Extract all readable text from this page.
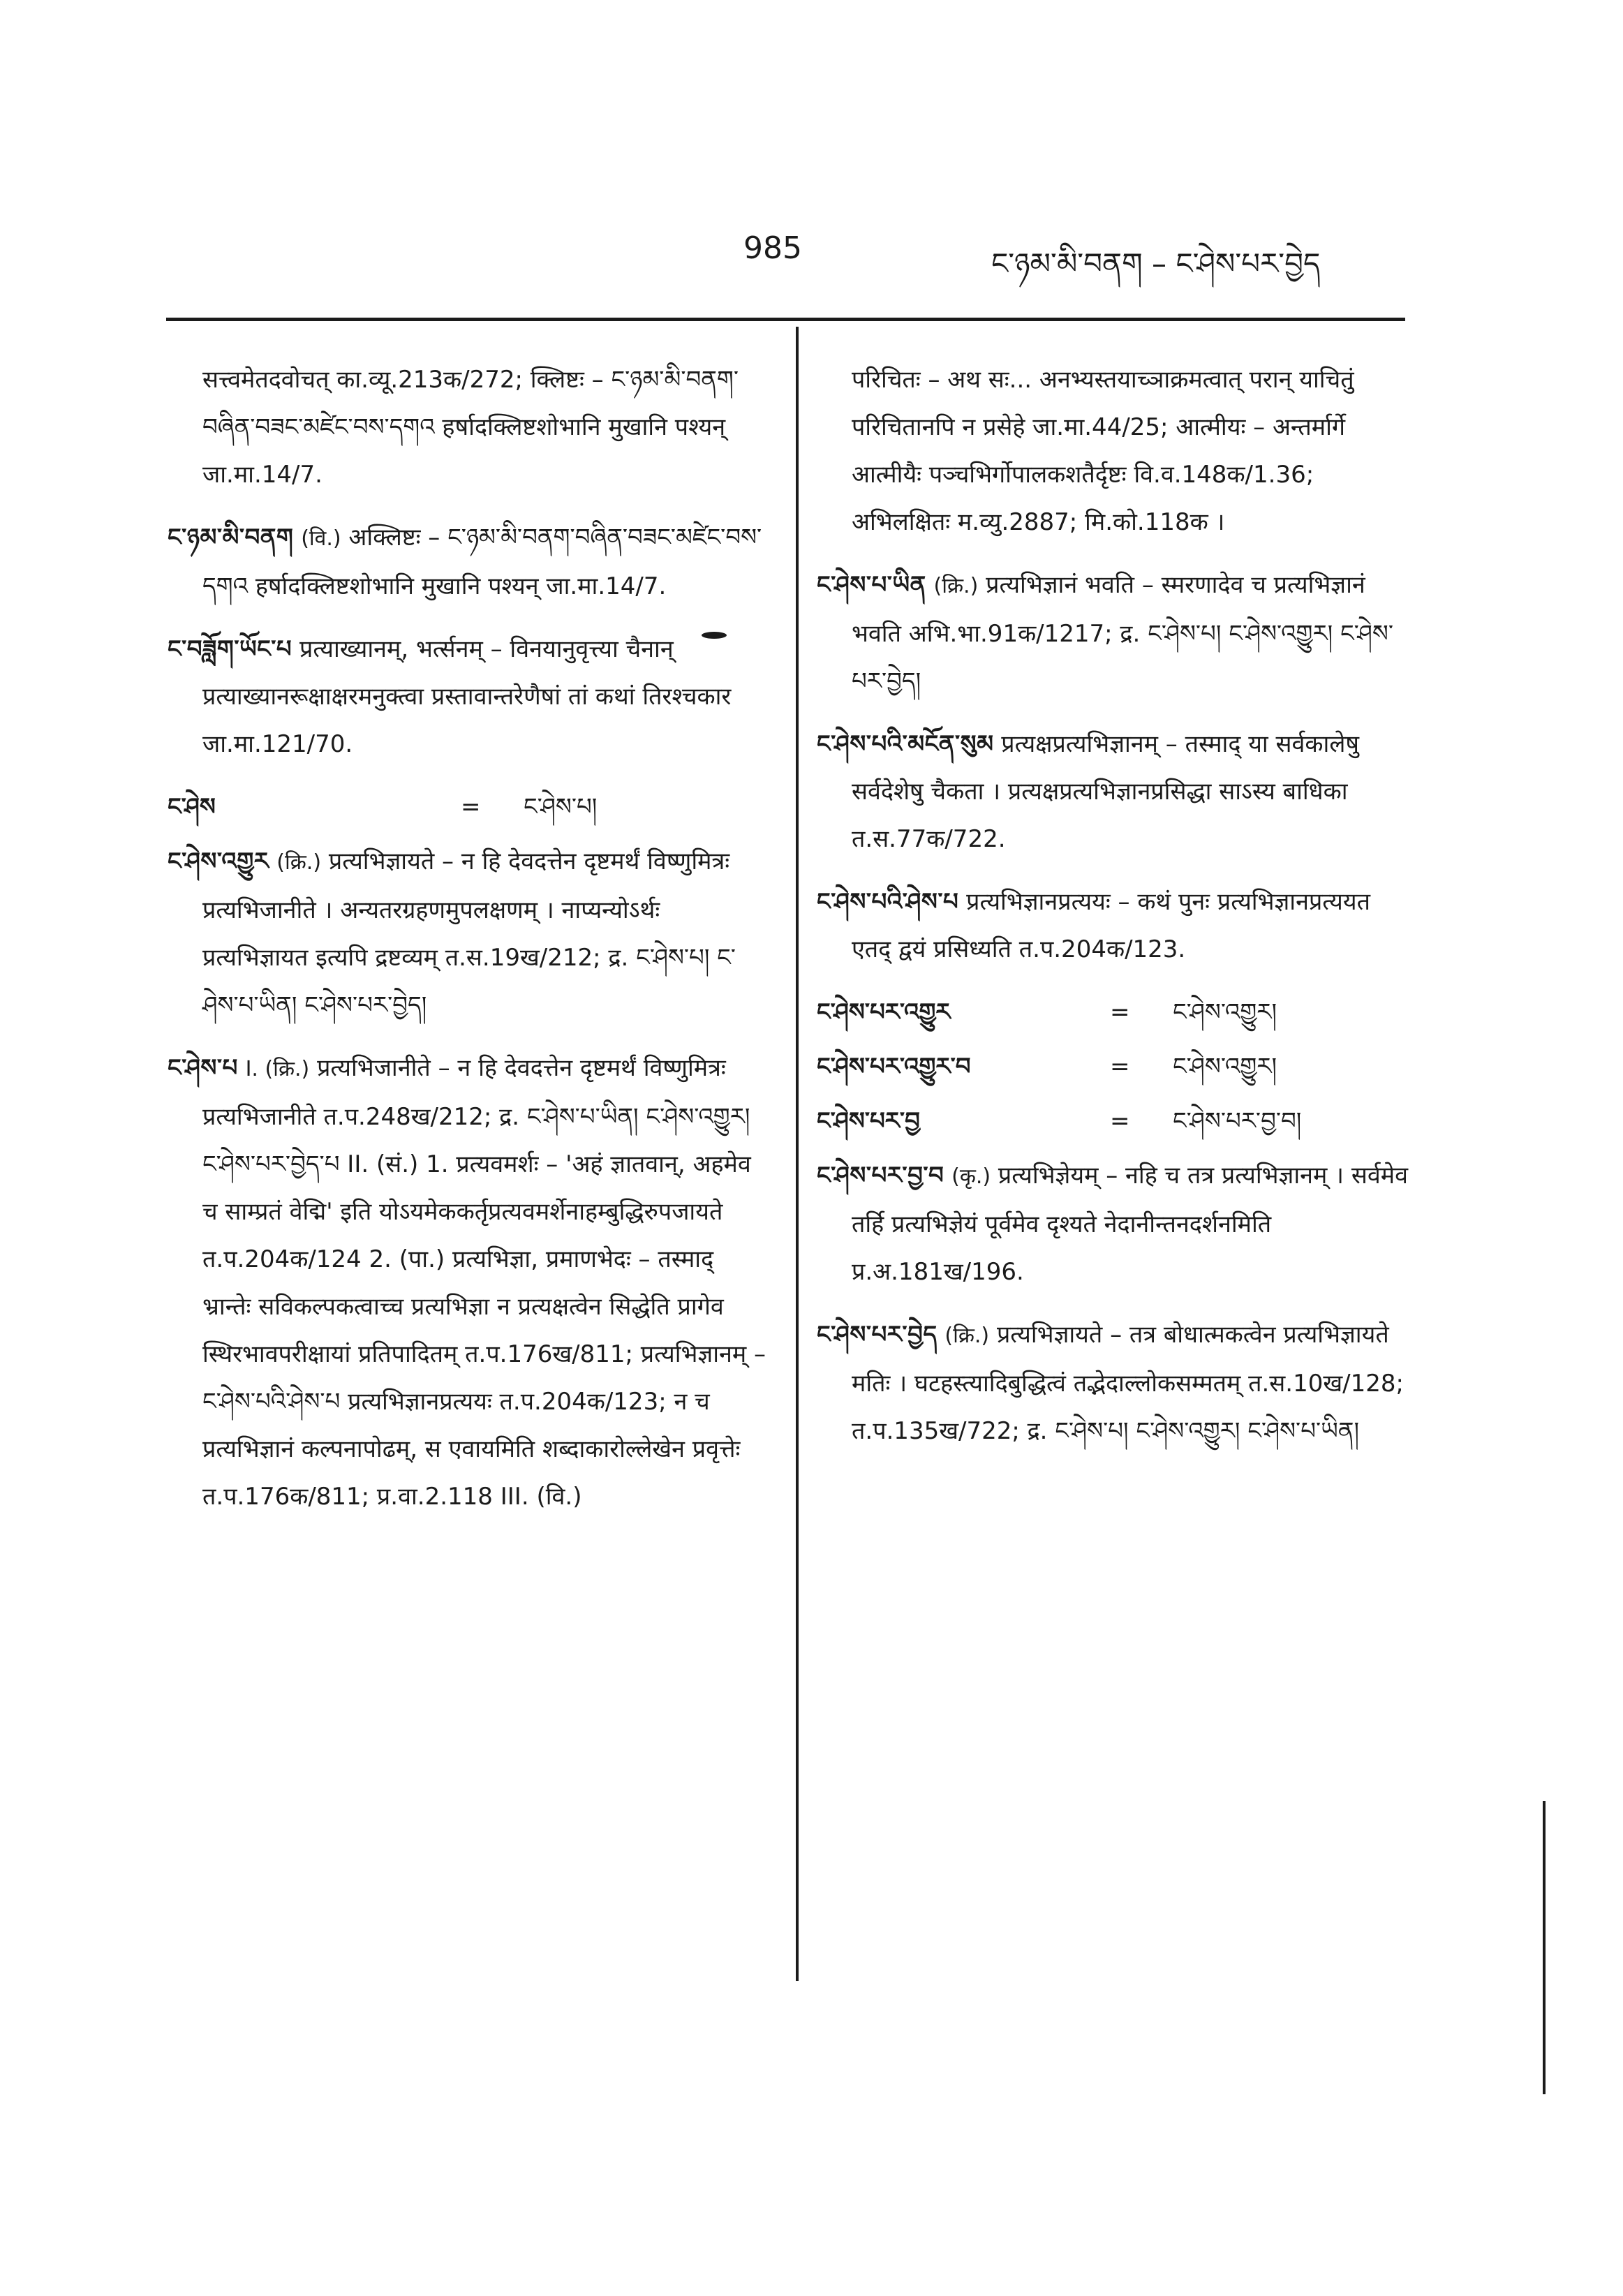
985	ང་ཉམ་མི་བནག – ང་ཤེས་པར་བྱེད
सत्त्वमेतदवोचत् का.व्यू.213क/272; क्लिष्टः – ང་ཉམ་མི་བནག་བཞིན་བཟང་མཛེང་བས་དགའ हर्षादक्लिष्टशोभानि मुखानि पश्यन् जा.मा.14/7.
ང་ཉམ་མི་བནག (वि.) अक्लिष्टः – ང་ཉམ་མི་བནག་བཞིན་བཟང་མཛེང་བས་དགའ हर्षादक्लिष्टशोभानि मुखानि पश्यन् जा.मा.14/7.
ང་བཟློག་ཡོང་པ प्रत्याख्यानम्, भर्त्सनम् – विनयानुवृत्त्या चैनान् प्रत्याख्यानरूक्षाक्षरमनुक्त्वा प्रस्तावान्तरेणैषां तां कथां तिरश्चकार जा.मा.121/70.
ང་ཤེས	=	ང་ཤེས་པ།
ང་ཤེས་འགྱུར (क्रि.) प्रत्यभिज्ञायते – न हि देवदत्तेन दृष्टमर्थं विष्णुमित्रः प्रत्यभिजानीते । अन्यतरग्रहणमुपलक्षणम् । नाप्यन्योऽर्थः प्रत्यभिज्ञायत इत्यपि द्रष्टव्यम् त.स.19ख/212; द्र. ང་ཤེས་པ། ང་ཤེས་པ་ཡིན། ང་ཤེས་པར་བྱེད།
ང་ཤེས་པ I. (क्रि.) प्रत्यभिजानीते – न हि देवदत्तेन दृष्टमर्थं विष्णुमित्रः प्रत्यभिजानीते त.प.248ख/212; द्र. ང་ཤེས་པ་ཡིན། ང་ཤེས་འགྱུར། ང་ཤེས་པར་བྱེད་པ II. (सं.) 1. प्रत्यवमर्शः – 'अहं ज्ञातवान्, अहमेव च साम्प्रतं वेद्मि' इति योऽयमेककर्तृप्रत्यवमर्शेनाहम्बुद्धिरुपजायते त.प.204क/124 2. (पा.) प्रत्यभिज्ञा, प्रमाणभेदः – तस्माद् भ्रान्तेः सविकल्पकत्वाच्च प्रत्यभिज्ञा न प्रत्यक्षत्वेन सिद्धेति प्रागेव स्थिरभावपरीक्षायां प्रतिपादितम् त.प.176ख/811; प्रत्यभिज्ञानम् – ང་ཤེས་པའི་ཤེས་པ प्रत्यभिज्ञानप्रत्ययः त.प.204क/123; न च प्रत्यभिज्ञानं कल्पनापोढम्, स एवायमिति शब्दाकारोल्लेखेन प्रवृत्तेः त.प.176क/811; प्र.वा.2.118 III. (वि.)
परिचितः – अथ सः... अनभ्यस्तयाच्ञाक्रमत्वात् परान् याचितुं परिचितानपि न प्रसेहे जा.मा.44/25; आत्मीयः – अन्तर्मार्गे आत्मीयैः पञ्चभिर्गोपालकशतैर्दृष्टः वि.व.148क/1.36; अभिलक्षितः म.व्यु.2887; मि.को.118क ।
ང་ཤེས་པ་ཡིན (क्रि.) प्रत्यभिज्ञानं भवति – स्मरणादेव च प्रत्यभिज्ञानं भवति अभि.भा.91क/1217; द्र. ང་ཤེས་པ། ང་ཤེས་འགྱུར། ང་ཤེས་པར་བྱེད།
ང་ཤེས་པའི་མངོན་སུམ प्रत्यक्षप्रत्यभिज्ञानम् – तस्माद् या सर्वकालेषु सर्वदेशेषु चैकता । प्रत्यक्षप्रत्यभिज्ञानप्रसिद्धा साऽस्य बाधिका त.स.77क/722.
ང་ཤེས་པའི་ཤེས་པ प्रत्यभिज्ञानप्रत्ययः – कथं पुनः प्रत्यभिज्ञानप्रत्ययत एतद् द्वयं प्रसिध्यति त.प.204क/123.
ང་ཤེས་པར་འགྱུར	=	ང་ཤེས་འགྱུར།
ང་ཤེས་པར་འགྱུར་བ	=	ང་ཤེས་འགྱུར།
ང་ཤེས་པར་བྱ	=	ང་ཤེས་པར་བྱ་བ།
ང་ཤེས་པར་བྱ་བ (कृ.) प्रत्यभिज्ञेयम् – नहि च तत्र प्रत्यभिज्ञानम् । सर्वमेव तर्हि प्रत्यभिज्ञेयं पूर्वमेव दृश्यते नेदानीन्तनदर्शनमिति प्र.अ.181ख/196.
ང་ཤེས་པར་བྱེད (क्रि.) प्रत्यभिज्ञायते – तत्र बोधात्मकत्वेन प्रत्यभिज्ञायते मतिः । घटहस्त्यादिबुद्धित्वं तद्भेदाल्लोकसम्मतम् त.स.10ख/128; त.प.135ख/722; द्र. ང་ཤེས་པ། ང་ཤེས་འགྱུར། ང་ཤེས་པ་ཡིན།
